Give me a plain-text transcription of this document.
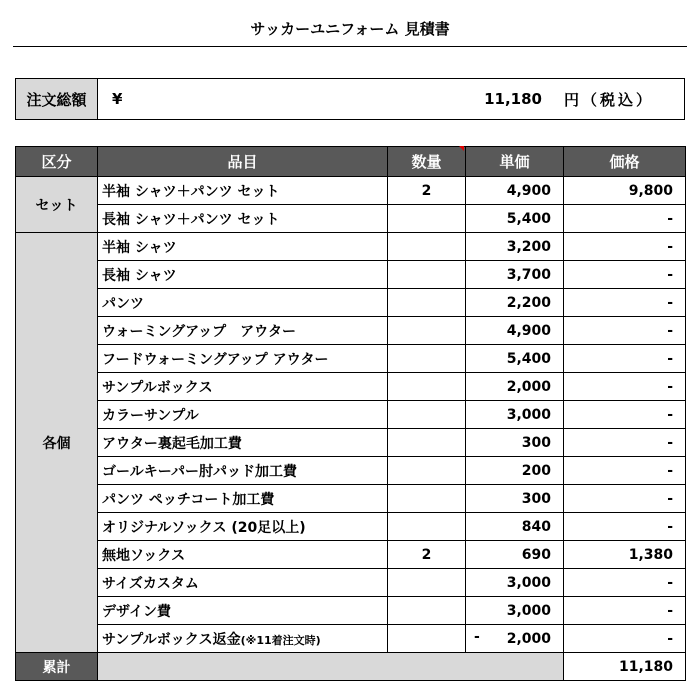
サッカーユニフォーム 見積書
注文総額	¥	11,180 円（税込）
区分	品目	数量	単価	価格
セット	半袖 シャツ＋パンツ セット	2	4,900	9,800
	長袖 シャツ＋パンツ セット		5,400	-
各個	半袖 シャツ		3,200	-
	長袖 シャツ		3,700	-
	パンツ		2,200	-
	ウォーミングアップ　アウター		4,900	-
	フードウォーミングアップ アウター		5,400	-
	サンプルボックス		2,000	-
	カラーサンプル		3,000	-
	アウター裏起毛加工費		300	-
	ゴールキーパー肘パッド加工費		200	-
	パンツ ペッチコート加工費		300	-
	オリジナルソックス (20足以上)		840	-
	無地ソックス	2	690	1,380
	サイズカスタム		3,000	-
	デザイン費		3,000	-
	サンプルボックス返金(※11着注文時)		- 2,000	-
累計				11,180
